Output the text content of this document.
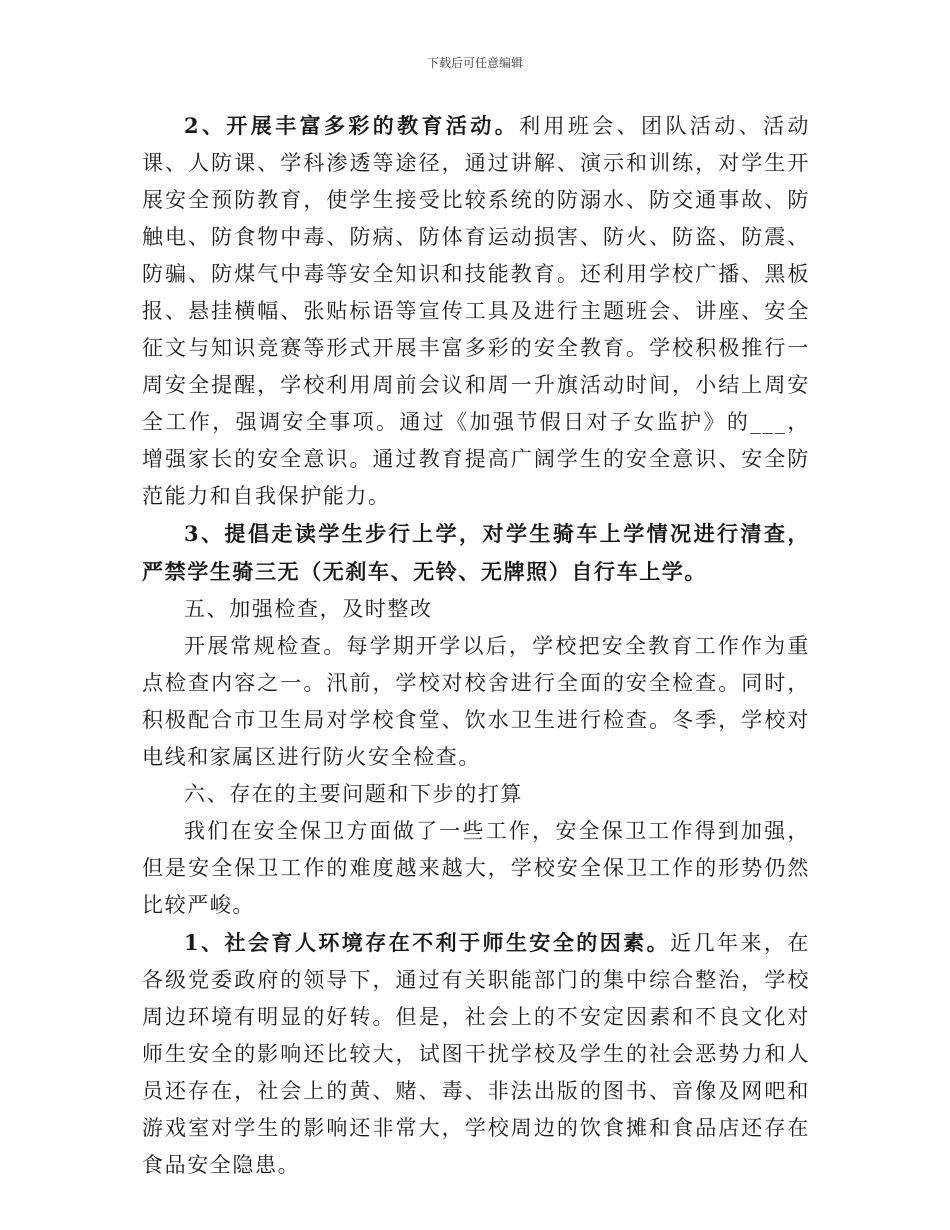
下载后可任意编辑

2、开展丰富多彩的教育活动。利用班会、团队活动、活动课、人防课、学科渗透等途径，通过讲解、演示和训练，对学生开展安全预防教育，使学生接受比较系统的防溺水、防交通事故、防触电、防食物中毒、防病、防体育运动损害、防火、防盗、防震、防骗、防煤气中毒等安全知识和技能教育。还利用学校广播、黑板报、悬挂横幅、张贴标语等宣传工具及进行主题班会、讲座、安全征文与知识竞赛等形式开展丰富多彩的安全教育。学校积极推行一周安全提醒，学校利用周前会议和周一升旗活动时间，小结上周安全工作，强调安全事项。通过《加强节假日对子女监护》的___，增强家长的安全意识。通过教育提高广阔学生的安全意识、安全防范能力和自我保护能力。

3、提倡走读学生步行上学，对学生骑车上学情况进行清查，严禁学生骑三无（无刹车、无铃、无牌照）自行车上学。

五、加强检查，及时整改

开展常规检查。每学期开学以后，学校把安全教育工作作为重点检查内容之一。汛前，学校对校舍进行全面的安全检查。同时，积极配合市卫生局对学校食堂、饮水卫生进行检查。冬季，学校对电线和家属区进行防火安全检查。

六、存在的主要问题和下步的打算

我们在安全保卫方面做了一些工作，安全保卫工作得到加强，但是安全保卫工作的难度越来越大，学校安全保卫工作的形势仍然比较严峻。

1、社会育人环境存在不利于师生安全的因素。近几年来，在各级党委政府的领导下，通过有关职能部门的集中综合整治，学校周边环境有明显的好转。但是，社会上的不安定因素和不良文化对师生安全的影响还比较大，试图干扰学校及学生的社会恶势力和人员还存在，社会上的黄、赌、毒、非法出版的图书、音像及网吧和游戏室对学生的影响还非常大，学校周边的饮食摊和食品店还存在食品安全隐患。
